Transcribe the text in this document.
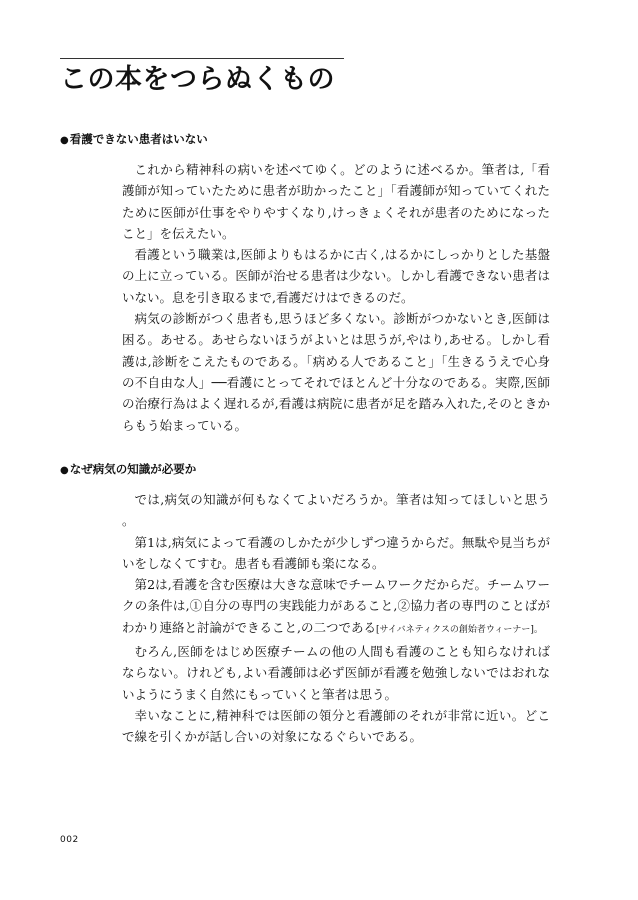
この本をつらぬくもの
●看護できない患者はいない

これから精神科の病いを述べてゆく。どのように述べるか。筆者は,「看護師が知っていたために患者が助かったこと」「看護師が知っていてくれたために医師が仕事をやりやすくなり,けっきょくそれが患者のためになったこと」を伝えたい。

看護という職業は,医師よりもはるかに古く,はるかにしっかりとした基盤の上に立っている。医師が治せる患者は少ない。しかし看護できない患者はいない。息を引き取るまで,看護だけはできるのだ。

病気の診断がつく患者も,思うほど多くない。診断がつかないとき,医師は困る。あせる。あせらないほうがよいとは思うが,やはり,あせる。しかし看護は,診断をこえたものである。「病める人であること」「生きるうえで心身の不自由な人」──看護にとってそれでほとんど十分なのである。実際,医師の治療行為はよく遅れるが,看護は病院に患者が足を踏み入れた,そのときからもう始まっている。

●なぜ病気の知識が必要か

では,病気の知識が何もなくてよいだろうか。筆者は知ってほしいと思う。

第1は,病気によって看護のしかたが少しずつ違うからだ。無駄や見当ちがいをしなくてすむ。患者も看護師も楽になる。

第2は,看護を含む医療は大きな意味でチームワークだからだ。チームワークの条件は,①自分の専門の実践能力があること,②協力者の専門のことばがわかり連絡と討論ができること,の二つである[サイバネティクスの創始者ウィーナー]。

むろん,医師をはじめ医療チームの他の人間も看護のことも知らなければならない。けれども,よい看護師は必ず医師が看護を勉強しないではおれないようにうまく自然にもっていくと筆者は思う。

幸いなことに,精神科では医師の領分と看護師のそれが非常に近い。どこで線を引くかが話し合いの対象になるぐらいである。

002
